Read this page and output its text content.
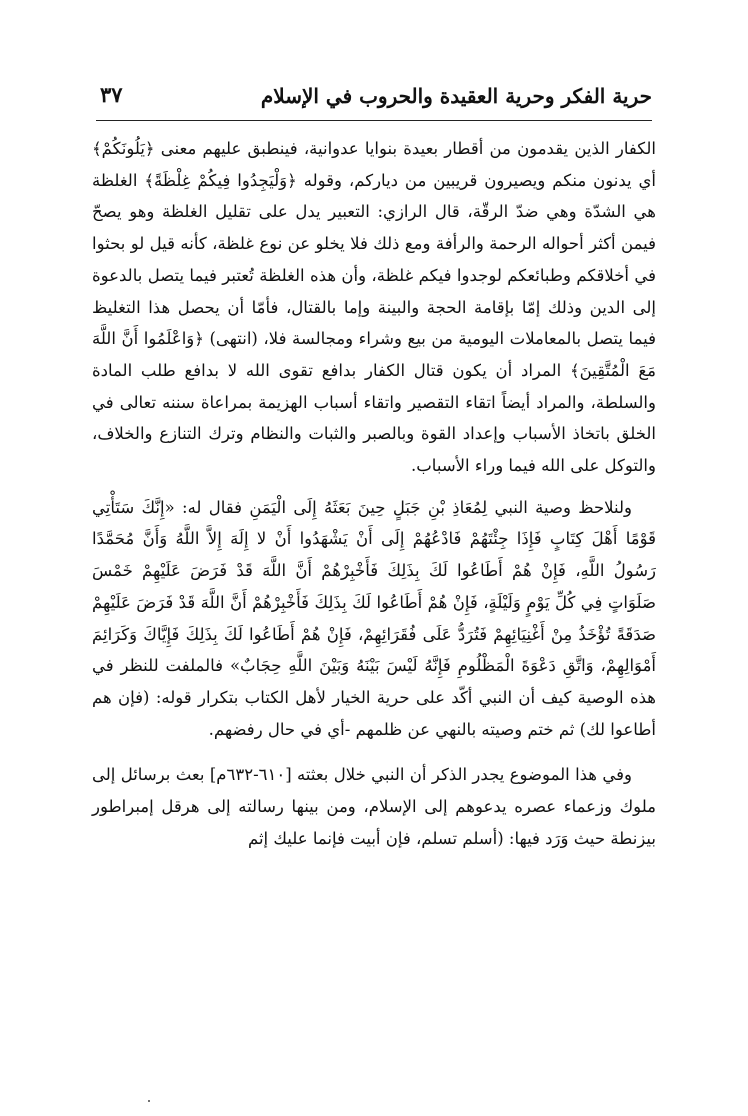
حرية الفكر وحرية العقيدة والحروب في الإسلام
٣٧

الكفار الذين يقدمون من أقطار بعيدة بنوايا عدوانية، فينطبق عليهم معنى ﴿يَلُونَكُمْ﴾ أي يدنون منكم ويصيرون قريبين من دياركم، وقوله ﴿وَلْيَجِدُوا فِيكُمْ غِلْظَةً﴾ الغلظة هي الشدّة وهي ضدّ الرقّة، قال الرازي: التعبير يدل على تقليل الغلظة وهو يصحّ فيمن أكثر أحواله الرحمة والرأفة ومع ذلك فلا يخلو عن نوع غلظة، كأنه قيل لو بحثوا في أخلاقكم وطبائعكم لوجدوا فيكم غلظة، وأن هذه الغلظة تُعتبر فيما يتصل بالدعوة إلى الدين وذلك إمّا بإقامة الحجة والبينة وإما بالقتال، فأمّا أن يحصل هذا التغليظ فيما يتصل بالمعاملات اليومية من بيع وشراء ومجالسة فلا، (انتهى) ﴿وَاعْلَمُوا أَنَّ اللَّهَ مَعَ الْمُتَّقِينَ﴾ المراد أن يكون قتال الكفار بدافع تقوى الله لا بدافع طلب المادة والسلطة، والمراد أيضاً اتقاء التقصير واتقاء أسباب الهزيمة بمراعاة سننه تعالى في الخلق باتخاذ الأسباب وإعداد القوة وبالصبر والثبات والنظام وترك التنازع والخلاف، والتوكل على الله فيما وراء الأسباب.

ولنلاحظ وصية النبي لِمُعَاذِ بْنِ جَبَلٍ حِينَ بَعَثَهُ إِلَى الْيَمَنِ فقال له: «إِنَّكَ سَتَأْتِي قَوْمًا أَهْلَ كِتَابٍ فَإِذَا جِئْتَهُمْ فَادْعُهُمْ إِلَى أَنْ يَشْهَدُوا أَنْ لا إِلَهَ إِلاَّ اللَّهُ وَأَنَّ مُحَمَّدًا رَسُولُ اللَّهِ، فَإِنْ هُمْ أَطَاعُوا لَكَ بِذَلِكَ فَأَخْبِرْهُمْ أَنَّ اللَّهَ قَدْ فَرَضَ عَلَيْهِمْ خَمْسَ صَلَوَاتٍ فِي كُلِّ يَوْمٍ وَلَيْلَةٍ، فَإِنْ هُمْ أَطَاعُوا لَكَ بِذَلِكَ فَأَخْبِرْهُمْ أَنَّ اللَّهَ قَدْ فَرَضَ عَلَيْهِمْ صَدَقَةً تُؤْخَذُ مِنْ أَغْنِيَائِهِمْ فَتُرَدُّ عَلَى فُقَرَائِهِمْ، فَإِنْ هُمْ أَطَاعُوا لَكَ بِذَلِكَ فَإِيَّاكَ وَكَرَائِمَ أَمْوَالِهِمْ، وَاتَّقِ دَعْوَةَ الْمَظْلُومِ فَإِنَّهُ لَيْسَ بَيْنَهُ وَبَيْنَ اللَّهِ حِجَابٌ» فالملفت للنظر في هذه الوصية كيف أن النبي أكّد على حرية الخيار لأهل الكتاب بتكرار قوله: (فإن هم أطاعوا لك) ثم ختم وصيته بالنهي عن ظلمهم -أي في حال رفضهم.

وفي هذا الموضوع يجدر الذكر أن النبي خلال بعثته [٦١٠-٦٣٢م] بعث برسائل إلى ملوك وزعماء عصره يدعوهم إلى الإسلام، ومن بينها رسالته إلى هرقل إمبراطور بيزنطة حيث وَرَد فيها: (أسلم تسلم، فإن أبيت فإنما عليك إثم
